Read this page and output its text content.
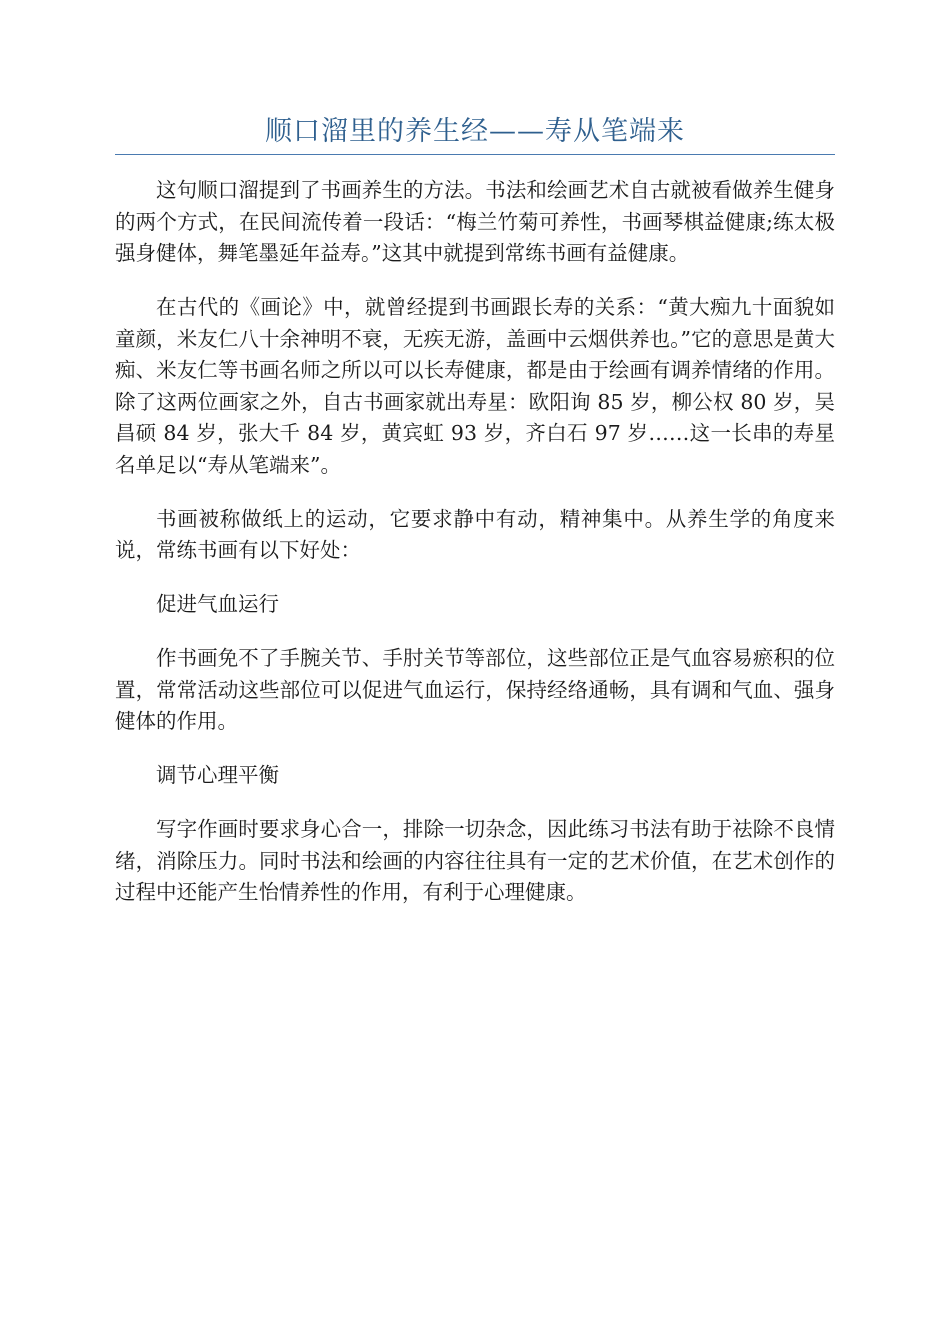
顺口溜里的养生经——寿从笔端来

这句顺口溜提到了书画养生的方法。书法和绘画艺术自古就被看做养生健身的两个方式，在民间流传着一段话：“梅兰竹菊可养性，书画琴棋益健康;练太极强身健体，舞笔墨延年益寿。”这其中就提到常练书画有益健康。

在古代的《画论》中，就曾经提到书画跟长寿的关系：“黄大痴九十面貌如童颜，米友仁八十余神明不衰，无疾无游，盖画中云烟供养也。”它的意思是黄大痴、米友仁等书画名师之所以可以长寿健康，都是由于绘画有调养情绪的作用。除了这两位画家之外，自古书画家就出寿星：欧阳询 85 岁，柳公权 80 岁，吴昌硕 84 岁，张大千 84 岁，黄宾虹 93 岁，齐白石 97 岁……这一长串的寿星名单足以“寿从笔端来”。

书画被称做纸上的运动，它要求静中有动，精神集中。从养生学的角度来说，常练书画有以下好处：

促进气血运行

作书画免不了手腕关节、手肘关节等部位，这些部位正是气血容易瘀积的位置，常常活动这些部位可以促进气血运行，保持经络通畅，具有调和气血、强身健体的作用。

调节心理平衡

写字作画时要求身心合一，排除一切杂念，因此练习书法有助于祛除不良情绪，消除压力。同时书法和绘画的内容往往具有一定的艺术价值，在艺术创作的过程中还能产生怡情养性的作用，有利于心理健康。
